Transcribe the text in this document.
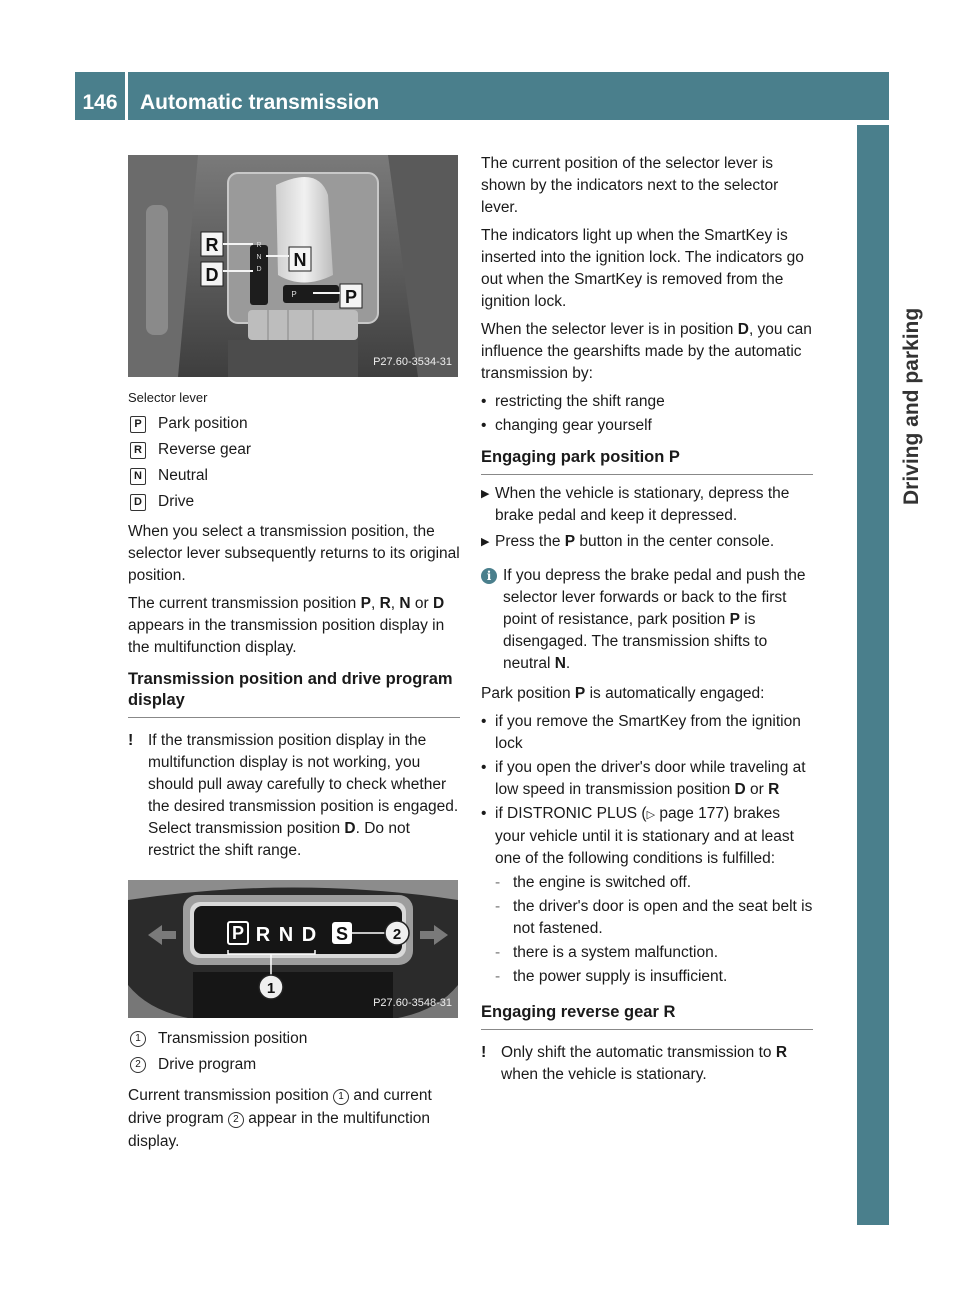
146	Automatic transmission
Driving and parking
R
D
N
P
R
N
D
P
P27.60-3534-31
Selector lever
P Park position
R Reverse gear
N Neutral
D Drive

When you select a transmission position, the selector lever subsequently returns to its original position.

The current transmission position P, R, N or D appears in the transmission position display in the multifunction display.

Transmission position and drive program display
! If the transmission position display in the multifunction display is not working, you should pull away carefully to check whether the desired transmission position is engaged. Select transmission position D. Do not restrict the shift range.
P R N D S
1
2
P27.60-3548-31
1	Transmission position
2	Drive program

Current transmission position 1 and current drive program 2 appear in the multifunction display.

The current position of the selector lever is shown by the indicators next to the selector lever.

The indicators light up when the SmartKey is inserted into the ignition lock. The indicators go out when the SmartKey is removed from the ignition lock.

When the selector lever is in position D, you can influence the gearshifts made by the automatic transmission by:

• restricting the shift range
• changing gear yourself
Engaging park position P
▶ When the vehicle is stationary, depress the brake pedal and keep it depressed.
▶ Press the P button in the center console.
i If you depress the brake pedal and push the selector lever forwards or back to the first point of resistance, park position P is disengaged. The transmission shifts to neutral N.

Park position P is automatically engaged:

• if you remove the SmartKey from the ignition lock
• if you open the driver's door while traveling at low speed in transmission position D or R
• if DISTRONIC PLUS (▷ page 177) brakes your vehicle until it is stationary and at least one of the following conditions is fulfilled:
- the engine is switched off.
- the driver's door is open and the seat belt is not fastened.
- there is a system malfunction.
- the power supply is insufficient.
Engaging reverse gear R
! Only shift the automatic transmission to R when the vehicle is stationary.
